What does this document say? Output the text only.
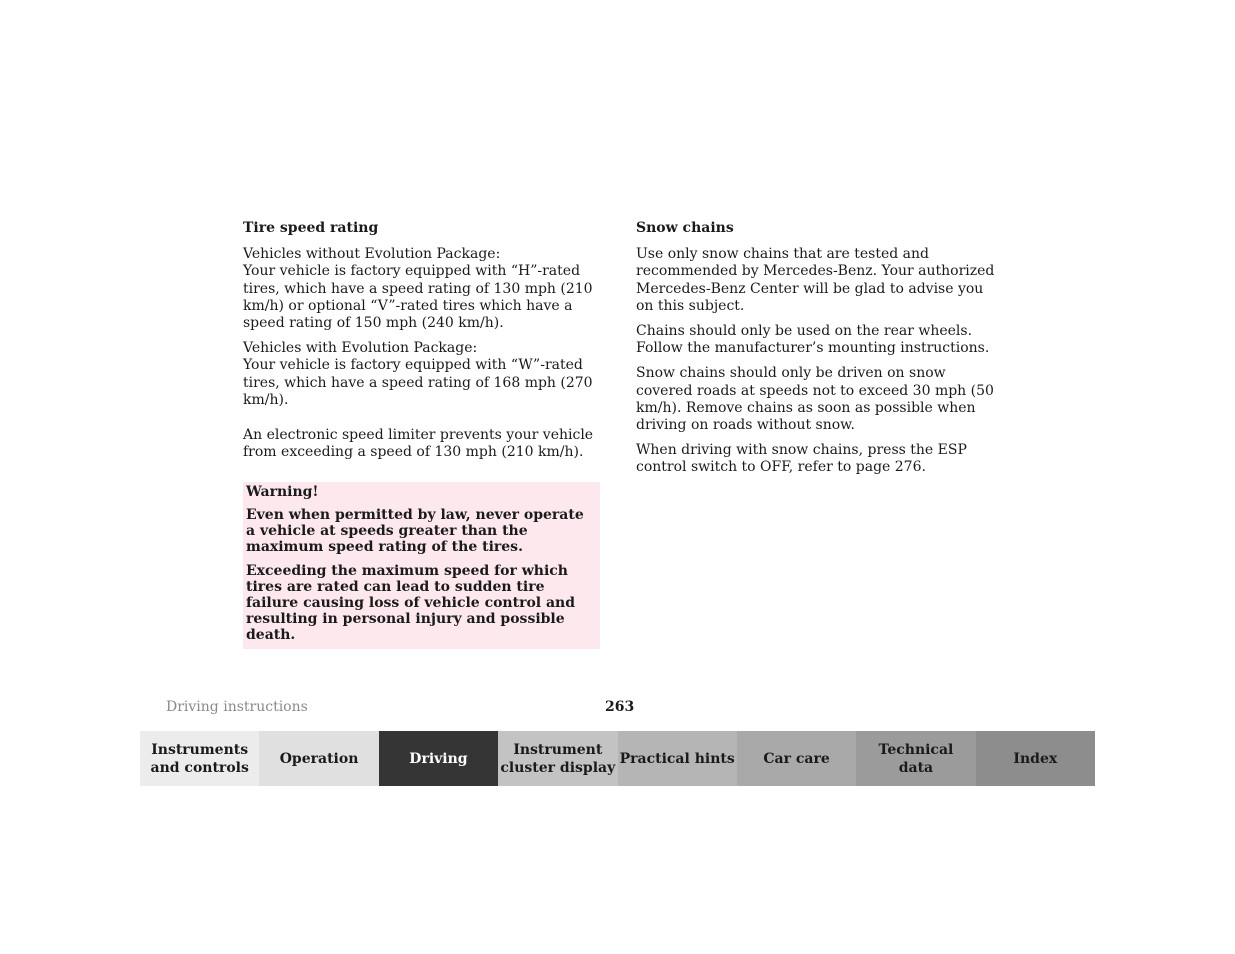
Tire speed rating
Vehicles without Evolution Package:
Your vehicle is factory equipped with “H”-rated tires, which have a speed rating of 130 mph (210 km/h) or optional “V”-rated tires which have a speed rating of 150 mph (240 km/h).
Vehicles with Evolution Package:
Your vehicle is factory equipped with “W”-rated tires, which have a speed rating of 168 mph (270 km/h).
An electronic speed limiter prevents your vehicle from exceeding a speed of 130 mph (210 km/h).
Warning!
Even when permitted by law, never operate a vehicle at speeds greater than the maximum speed rating of the tires.
Exceeding the maximum speed for which tires are rated can lead to sudden tire failure causing loss of vehicle control and resulting in personal injury and possible death.
Snow chains
Use only snow chains that are tested and recommended by Mercedes-Benz. Your authorized Mercedes-Benz Center will be glad to advise you on this subject.
Chains should only be used on the rear wheels. Follow the manufacturer’s mounting instructions.
Snow chains should only be driven on snow covered roads at speeds not to exceed 30 mph (50 km/h). Remove chains as soon as possible when driving on roads without snow.
When driving with snow chains, press the ESP control switch to OFF, refer to page 276.
Driving instructions	263
Instruments
and controls
Operation	Driving
Instrument
cluster display
Practical hints	Car care
Technical
data
Index
